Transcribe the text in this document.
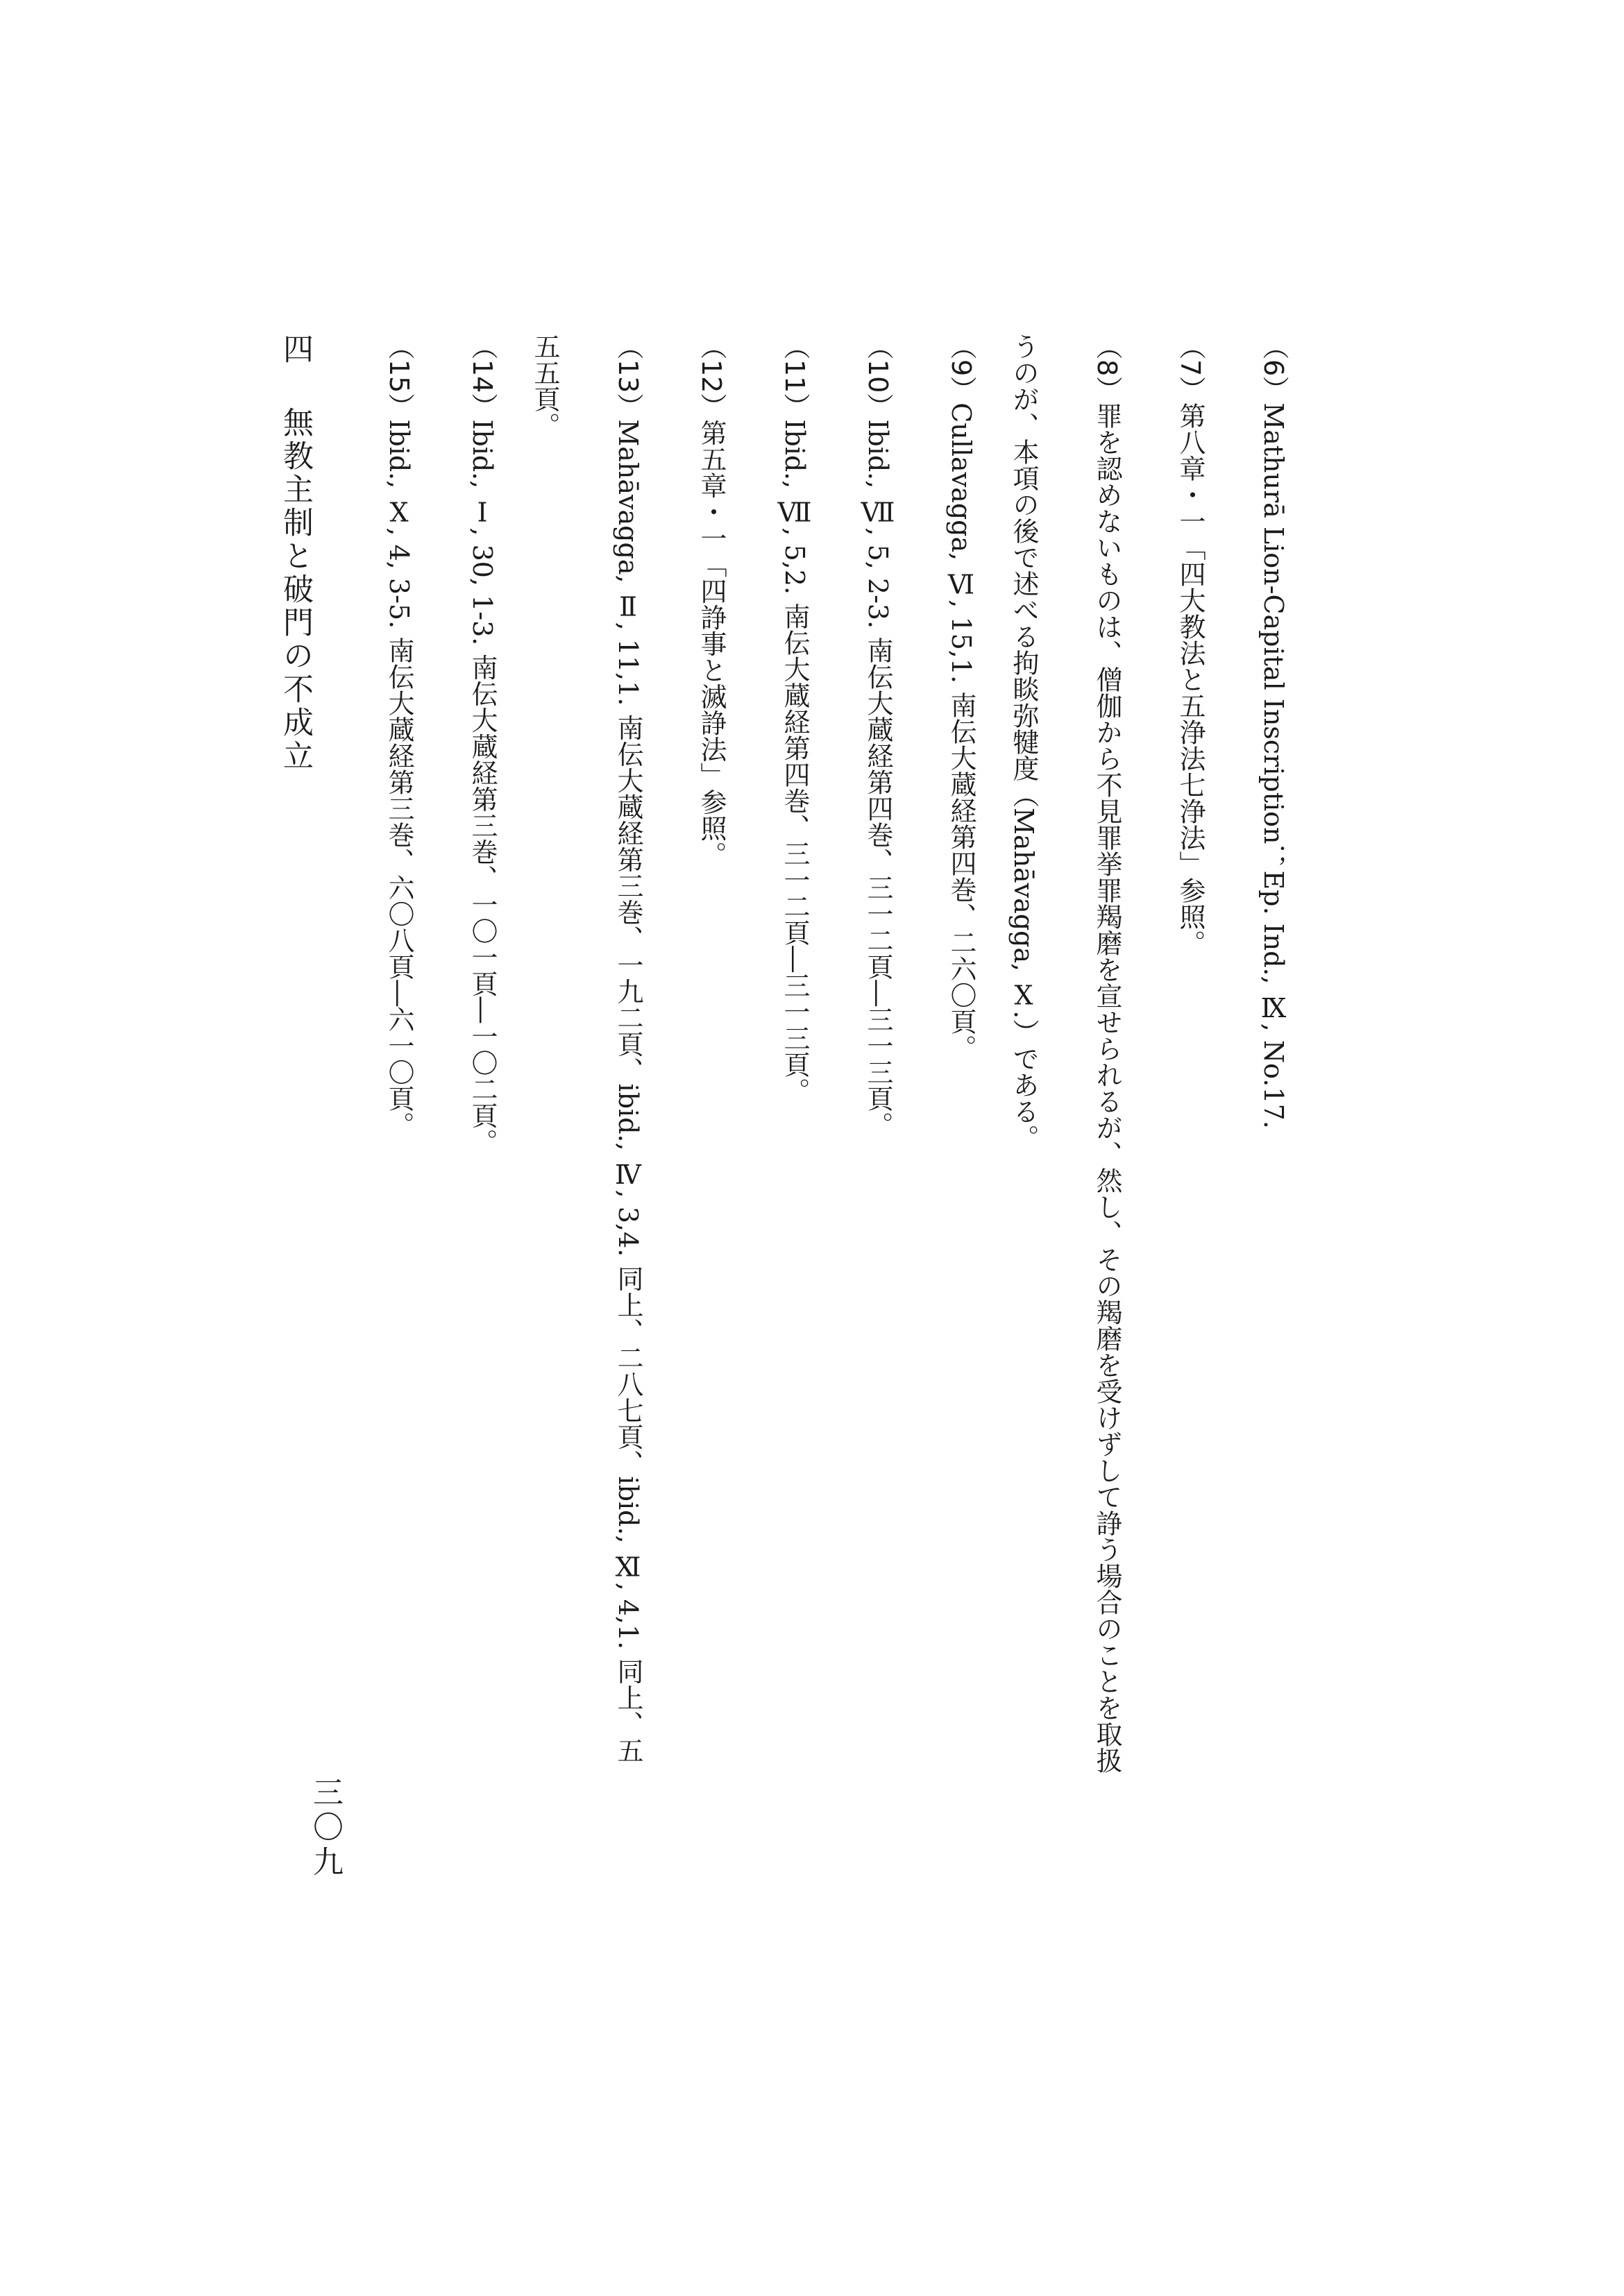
（6）Mathurā Lion-Capital Inscription；Ep. Ind., Ⅸ, No.17.

（7）第八章・一「四大教法と五浄法七浄法」参照。

（8）罪を認めないものは、僧伽から不見罪挙罪羯磨を宣せられるが、然し、その羯磨を受けずして諍う場合のことを取扱うのが、本項の後で述べる拘睒弥犍度（Mahāvagga, Ⅹ.）である。

（9）Cullavagga, Ⅵ, 15,1. 南伝大蔵経第四巻、二六〇頁。

（10）Ibid., Ⅶ, 5, 2-3. 南伝大蔵経第四巻、三一二頁―三一三頁。

（11）Ibid., Ⅶ, 5,2. 南伝大蔵経第四巻、三一二頁―三一三頁。

（12）第五章・一「四諍事と滅諍法」参照。

（13）Mahāvagga, Ⅱ, 11,1. 南伝大蔵経第三巻、一九二頁、ibid., Ⅳ, 3,4. 同上、二八七頁、ibid., Ⅺ, 4,1. 同上、五五五頁。

（14）Ibid., Ⅰ, 30, 1-3. 南伝大蔵経第三巻、一〇一頁―一〇二頁。

（15）Ibid., Ⅹ, 4, 3-5. 南伝大蔵経第三巻、六〇八頁―六一〇頁。

四 無教主制と破門の不成立
三〇九
